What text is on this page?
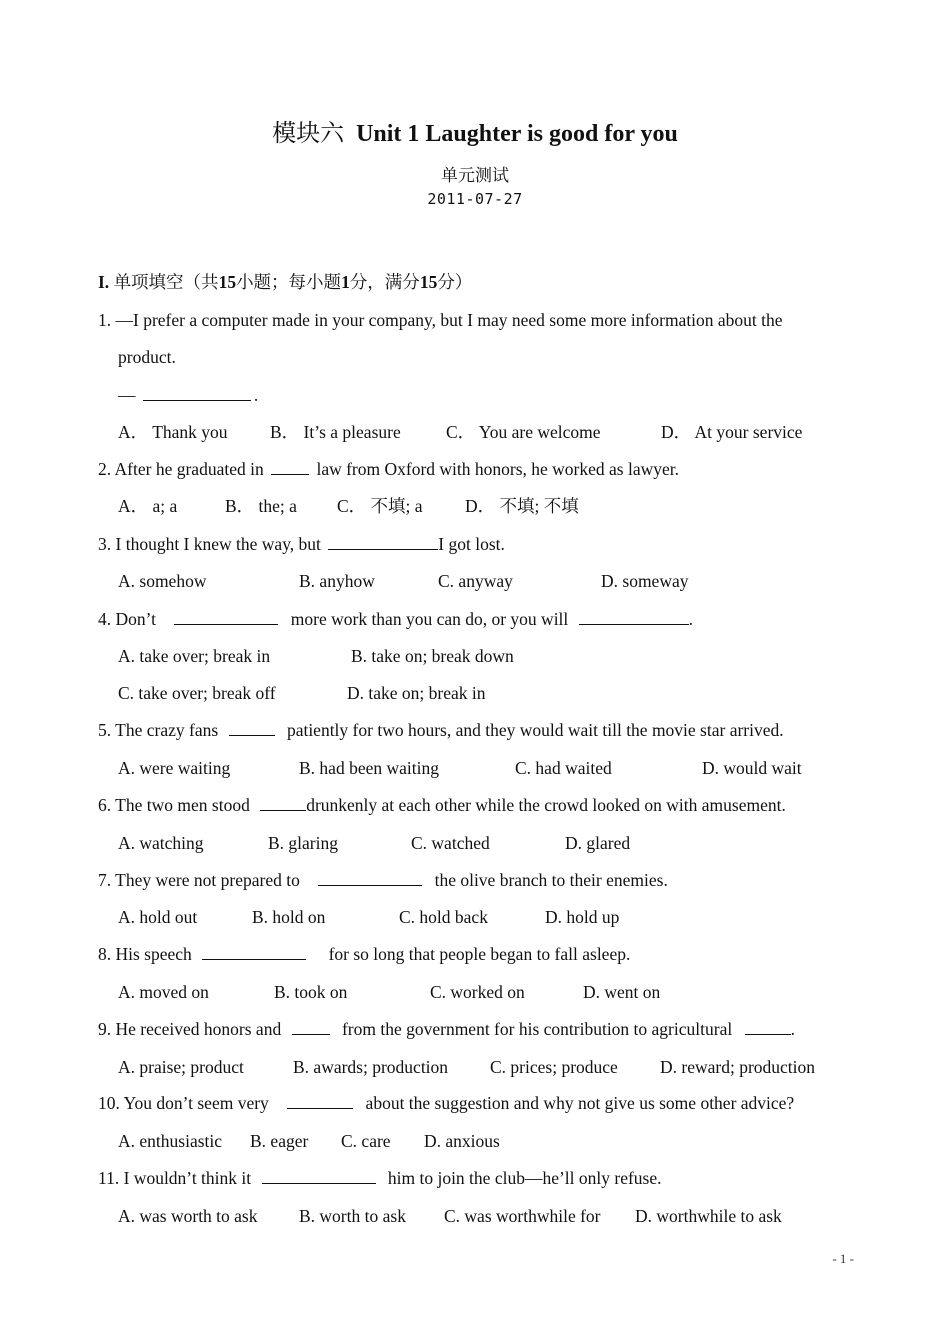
模块六 Unit 1 Laughter is good for you
单元测试
2011-07-27
I. 单项填空（共15小题；每小题1分，满分15分）
1. —I prefer a computer made in your company, but I may need some more information about the
product.
—	.
A． Thank you B． It’s a pleasure	C． You are welcome	D． At your service
2. After he graduated in	law from Oxford with honors, he worked as lawyer.
A． a; a	B． the; a C． 不填; a D． 不填; 不填
3. I thought I knew the way, but	I got lost.
A. somehow	B. anyhow	C. anyway	D. someway
4. Don’t	more work than you can do, or you will	.
A. take over; break in	B. take on; break down
C. take over; break off	D. take on; break in
5. The crazy fans	patiently for two hours, and they would wait till the movie star arrived.
A. were waiting	B. had been waiting	C. had waited	D. would wait
6. The two men stood	drunkenly at each other while the crowd looked on with amusement.
A. watching	B. glaring	C. watched	D. glared
7. They were not prepared to	the olive branch to their enemies.
A. hold out	B. hold on	C. hold back	D. hold up
8. His speech	for so long that people began to fall asleep.
A. moved on	B. took on	C. worked on	D. went on
9. He received honors and	from the government for his contribution to agricultural	.
A. praise; product	B. awards; production C. prices; produce D. reward; production
10. You don’t seem very	about the suggestion and why not give us some other advice?
A. enthusiastic B. eager C. care D. anxious
11. I wouldn’t think it	him to join the club—he’ll only refuse.
A. was worth to ask B. worth to ask C. was worthwhile for D. worthwhile to ask
- 1 -
